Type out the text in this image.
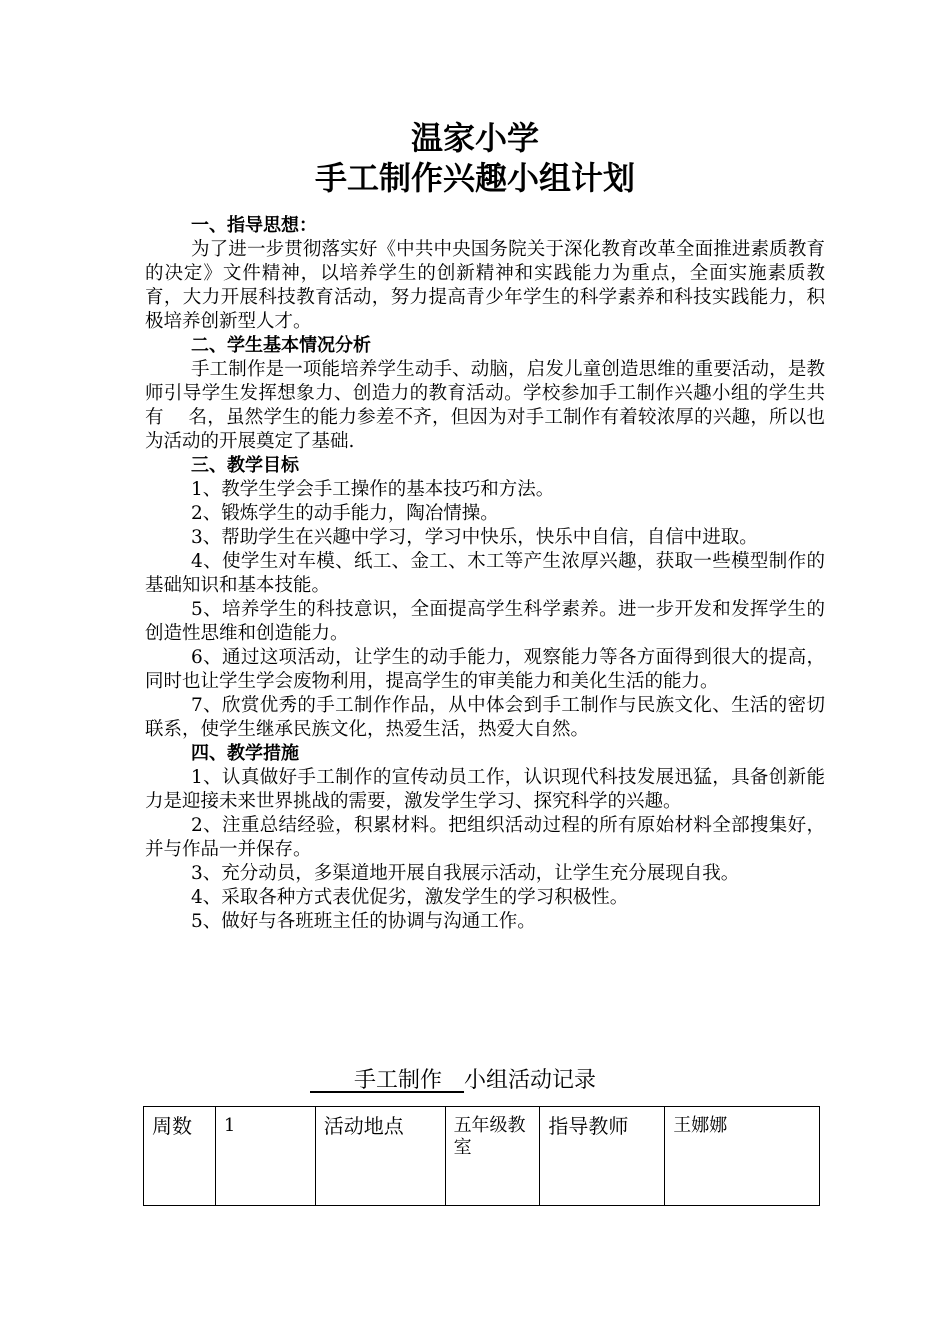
温家小学
手工制作兴趣小组计划

一、指导思想：

为了进一步贯彻落实好《中共中央国务院关于深化教育改革全面推进素质教育的决定》文件精神，以培养学生的创新精神和实践能力为重点，全面实施素质教育，大力开展科技教育活动，努力提高青少年学生的科学素养和科技实践能力，积极培养创新型人才。

二、学生基本情况分析

手工制作是一项能培养学生动手、动脑，启发儿童创造思维的重要活动，是教师引导学生发挥想象力、创造力的教育活动。学校参加手工制作兴趣小组的学生共有　 名，虽然学生的能力参差不齐，但因为对手工制作有着较浓厚的兴趣，所以也为活动的开展奠定了基础.

三、教学目标

1、教学生学会手工操作的基本技巧和方法。

2、锻炼学生的动手能力，陶冶情操。

3、帮助学生在兴趣中学习，学习中快乐，快乐中自信，自信中进取。

4、使学生对车模、纸工、金工、木工等产生浓厚兴趣，获取一些模型制作的基础知识和基本技能。

5、培养学生的科技意识，全面提高学生科学素养。进一步开发和发挥学生的创造性思维和创造能力。

6、通过这项活动，让学生的动手能力，观察能力等各方面得到很大的提高，同时也让学生学会废物利用，提高学生的审美能力和美化生活的能力。

7、欣赏优秀的手工制作作品，从中体会到手工制作与民族文化、生活的密切联系，使学生继承民族文化，热爱生活，热爱大自然。

四、教学措施

1、认真做好手工制作的宣传动员工作，认识现代科技发展迅猛，具备创新能力是迎接未来世界挑战的需要，激发学生学习、探究科学的兴趣。

2、注重总结经验，积累材料。把组织活动过程的所有原始材料全部搜集好，并与作品一并保存。

3、充分动员，多渠道地开展自我展示活动，让学生充分展现自我。

4、采取各种方式表优促劣，激发学生的学习积极性。

5、做好与各班班主任的协调与沟通工作。

　　手工制作　小组活动记录
周数	1	活动地点	五年级教室	指导教师	王娜娜
